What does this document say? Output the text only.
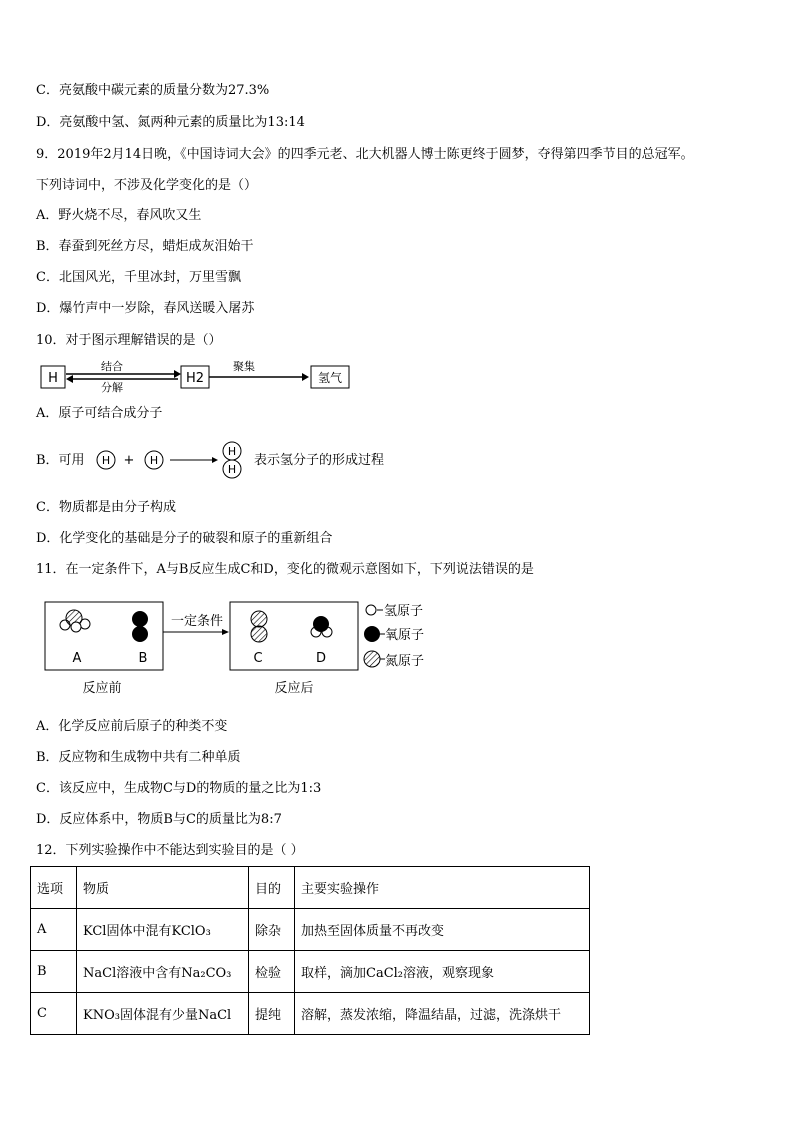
C．亮氨酸中碳元素的质量分数为27.3%
D．亮氨酸中氢、氮两种元素的质量比为13:14
9．2019年2月14日晚，《中国诗词大会》的四季元老、北大机器人博士陈更终于圆梦，夺得第四季节目的总冠军。
下列诗词中，不涉及化学变化的是（）
A．野火烧不尽，春风吹又生
B．春蚕到死丝方尽，蜡炬成灰泪始干
C．北国风光，千里冰封，万里雪飘
D．爆竹声中一岁除，春风送暖入屠苏
10．对于图示理解错误的是（）
H
结合
分解
H2
聚集
氢气
A．原子可结合成分子
B．可用 H + H
H
H
表示氢分子的形成过程
C．物质都是由分子构成
D．化学变化的基础是分子的破裂和原子的重新组合
11．在一定条件下，A与B反应生成C和D，变化的微观示意图如下，下列说法错误的是
A	B
一定条件
C	D
反应前	反应后
氢原子
氧原子
氮原子
A．化学反应前后原子的种类不变
B．反应物和生成物中共有二种单质
C．该反应中，生成物C与D的物质的量之比为1:3
D．反应体系中，物质B与C的质量比为8:7
12．下列实验操作中不能达到实验目的是（ ）
选项	物质	目的	主要实验操作
A	KCl固体中混有KClO₃	除杂	加热至固体质量不再改变
B	NaCl溶液中含有Na₂CO₃	检验	取样，滴加CaCl₂溶液，观察现象
C	KNO₃固体混有少量NaCl	提纯	溶解，蒸发浓缩，降温结晶，过滤，洗涤烘干
